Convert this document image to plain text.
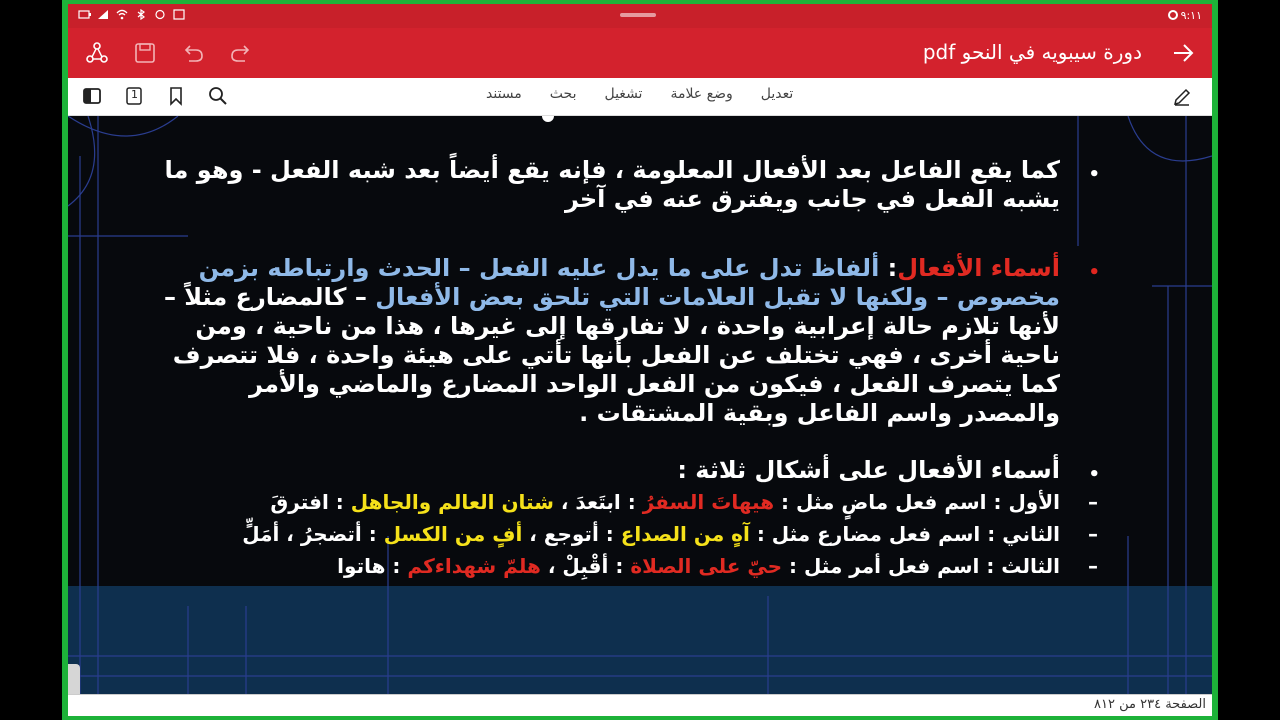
٩:١١
دورة سيبويه في النحو pdf
1	مستند	بحث	تشغيل	وضع علامة	تعديل
•
كما يقع الفاعل بعد الأفعال المعلومة ، فإنه يقع أيضاً بعد شبه الفعل - وهو ما يشبه الفعل في جانب ويفترق عنه في آخر
•
أسماء الأفعال: ألفاظ تدل على ما يدل عليه الفعل – الحدث وارتباطه بزمن مخصوص – ولكنها لا تقبل العلامات التي تلحق بعض الأفعال – كالمضارع مثلاً – لأنها تلازم حالة إعرابية واحدة ، لا تفارقها إلى غيرها ، هذا من ناحية ، ومن ناحية أخرى ، فهي تختلف عن الفعل بأنها تأتي على هيئة واحدة ، فلا تتصرف كما يتصرف الفعل ، فيكون من الفعل الواحد المضارع والماضي والأمر والمصدر واسم الفاعل وبقية المشتقات .
•
أسماء الأفعال على أشكال ثلاثة :
–
الأول : اسم فعل ماضٍ مثل : هيهاتَ السفرُ : ابتَعدَ ، شتان العالم والجاهل : افترقَ
–
الثاني : اسم فعل مضارع مثل : آهٍ من الصداع : أتوجع ، أفٍ من الكسل : أتضجرُ ، أمَلٍّ
–
الثالث : اسم فعل أمر مثل : حيّ على الصلاة : أقْبِلْ ، هلمّ شهداءكم : هاتوا
الصفحة ٢٣٤ من ٨١٢
